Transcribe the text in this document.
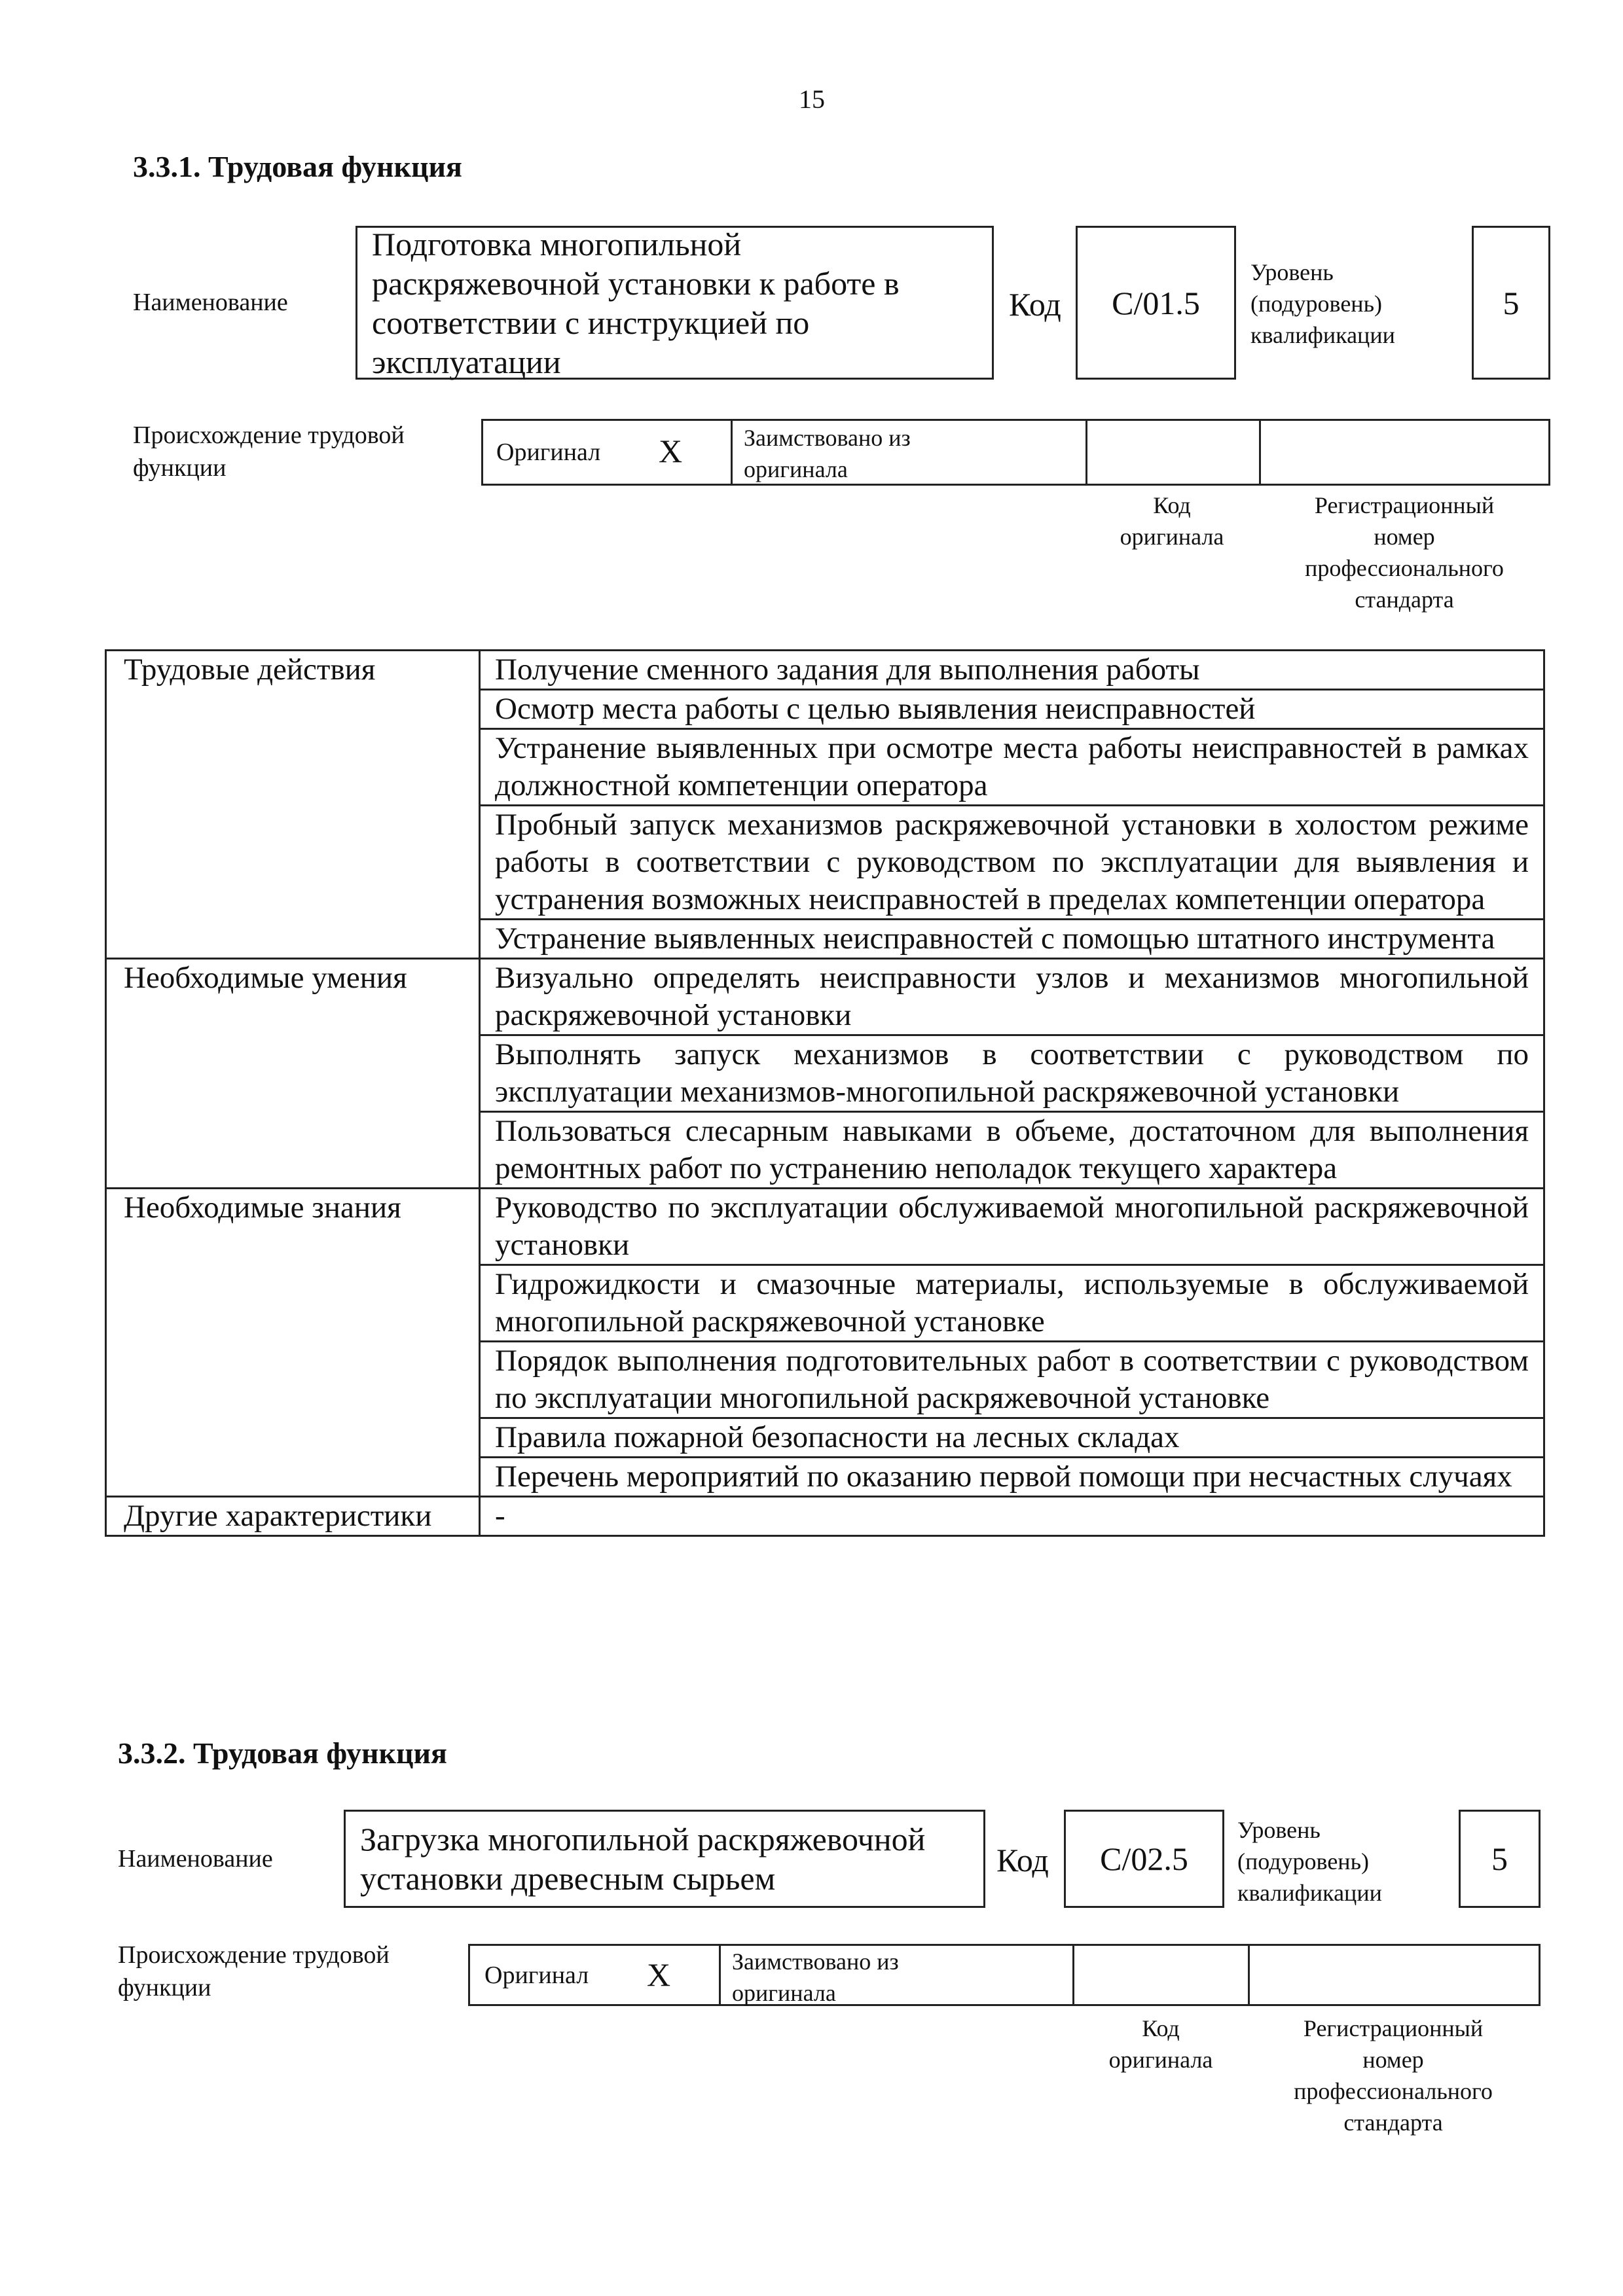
15
3.3.1. Трудовая функция
Наименование
Подготовка многопильной раскряжевочной установки к работе в соответствии с инструкцией по эксплуатации
Код C/01.5
Уровень
(подуровень)
квалификации
5
Происхождение трудовой
функции
Оригинал X	Заимствовано из
оригинала
Код
оригинала
Регистрационный
номер
профессионального
стандарта
Трудовые действия	Получение сменного задания для выполнения работы
	Осмотр места работы с целью выявления неисправностей
	Устранение выявленных при осмотре места работы неисправностей в рамках должностной компетенции оператора
	Пробный запуск механизмов раскряжевочной установки в холостом режиме работы в соответствии с руководством по эксплуатации для выявления и устранения возможных неисправностей в пределах компетенции оператора
	Устранение выявленных неисправностей с помощью штатного инструмента
Необходимые умения	Визуально определять неисправности узлов и механизмов многопильной раскряжевочной установки
	Выполнять запуск механизмов в соответствии с руководством по эксплуатации механизмов-многопильной раскряжевочной установки
	Пользоваться слесарным навыками в объеме, достаточном для выполнения ремонтных работ по устранению неполадок текущего характера
Необходимые знания	Руководство по эксплуатации обслуживаемой многопильной раскряжевочной установки
	Гидрожидкости и смазочные материалы, используемые в обслуживаемой многопильной раскряжевочной установке
	Порядок выполнения подготовительных работ в соответствии с руководством по эксплуатации многопильной раскряжевочной установке
	Правила пожарной безопасности на лесных складах
	Перечень мероприятий по оказанию первой помощи при несчастных случаях
Другие характеристики	-
3.3.2. Трудовая функция
Наименование
Загрузка многопильной раскряжевочной установки древесным сырьем	Код C/02.5
Уровень
(подуровень)
квалификации
5
Происхождение трудовой
функции	Оригинал X	Заимствовано из
оригинала
Код
оригинала
Регистрационный
номер
профессионального
стандарта
